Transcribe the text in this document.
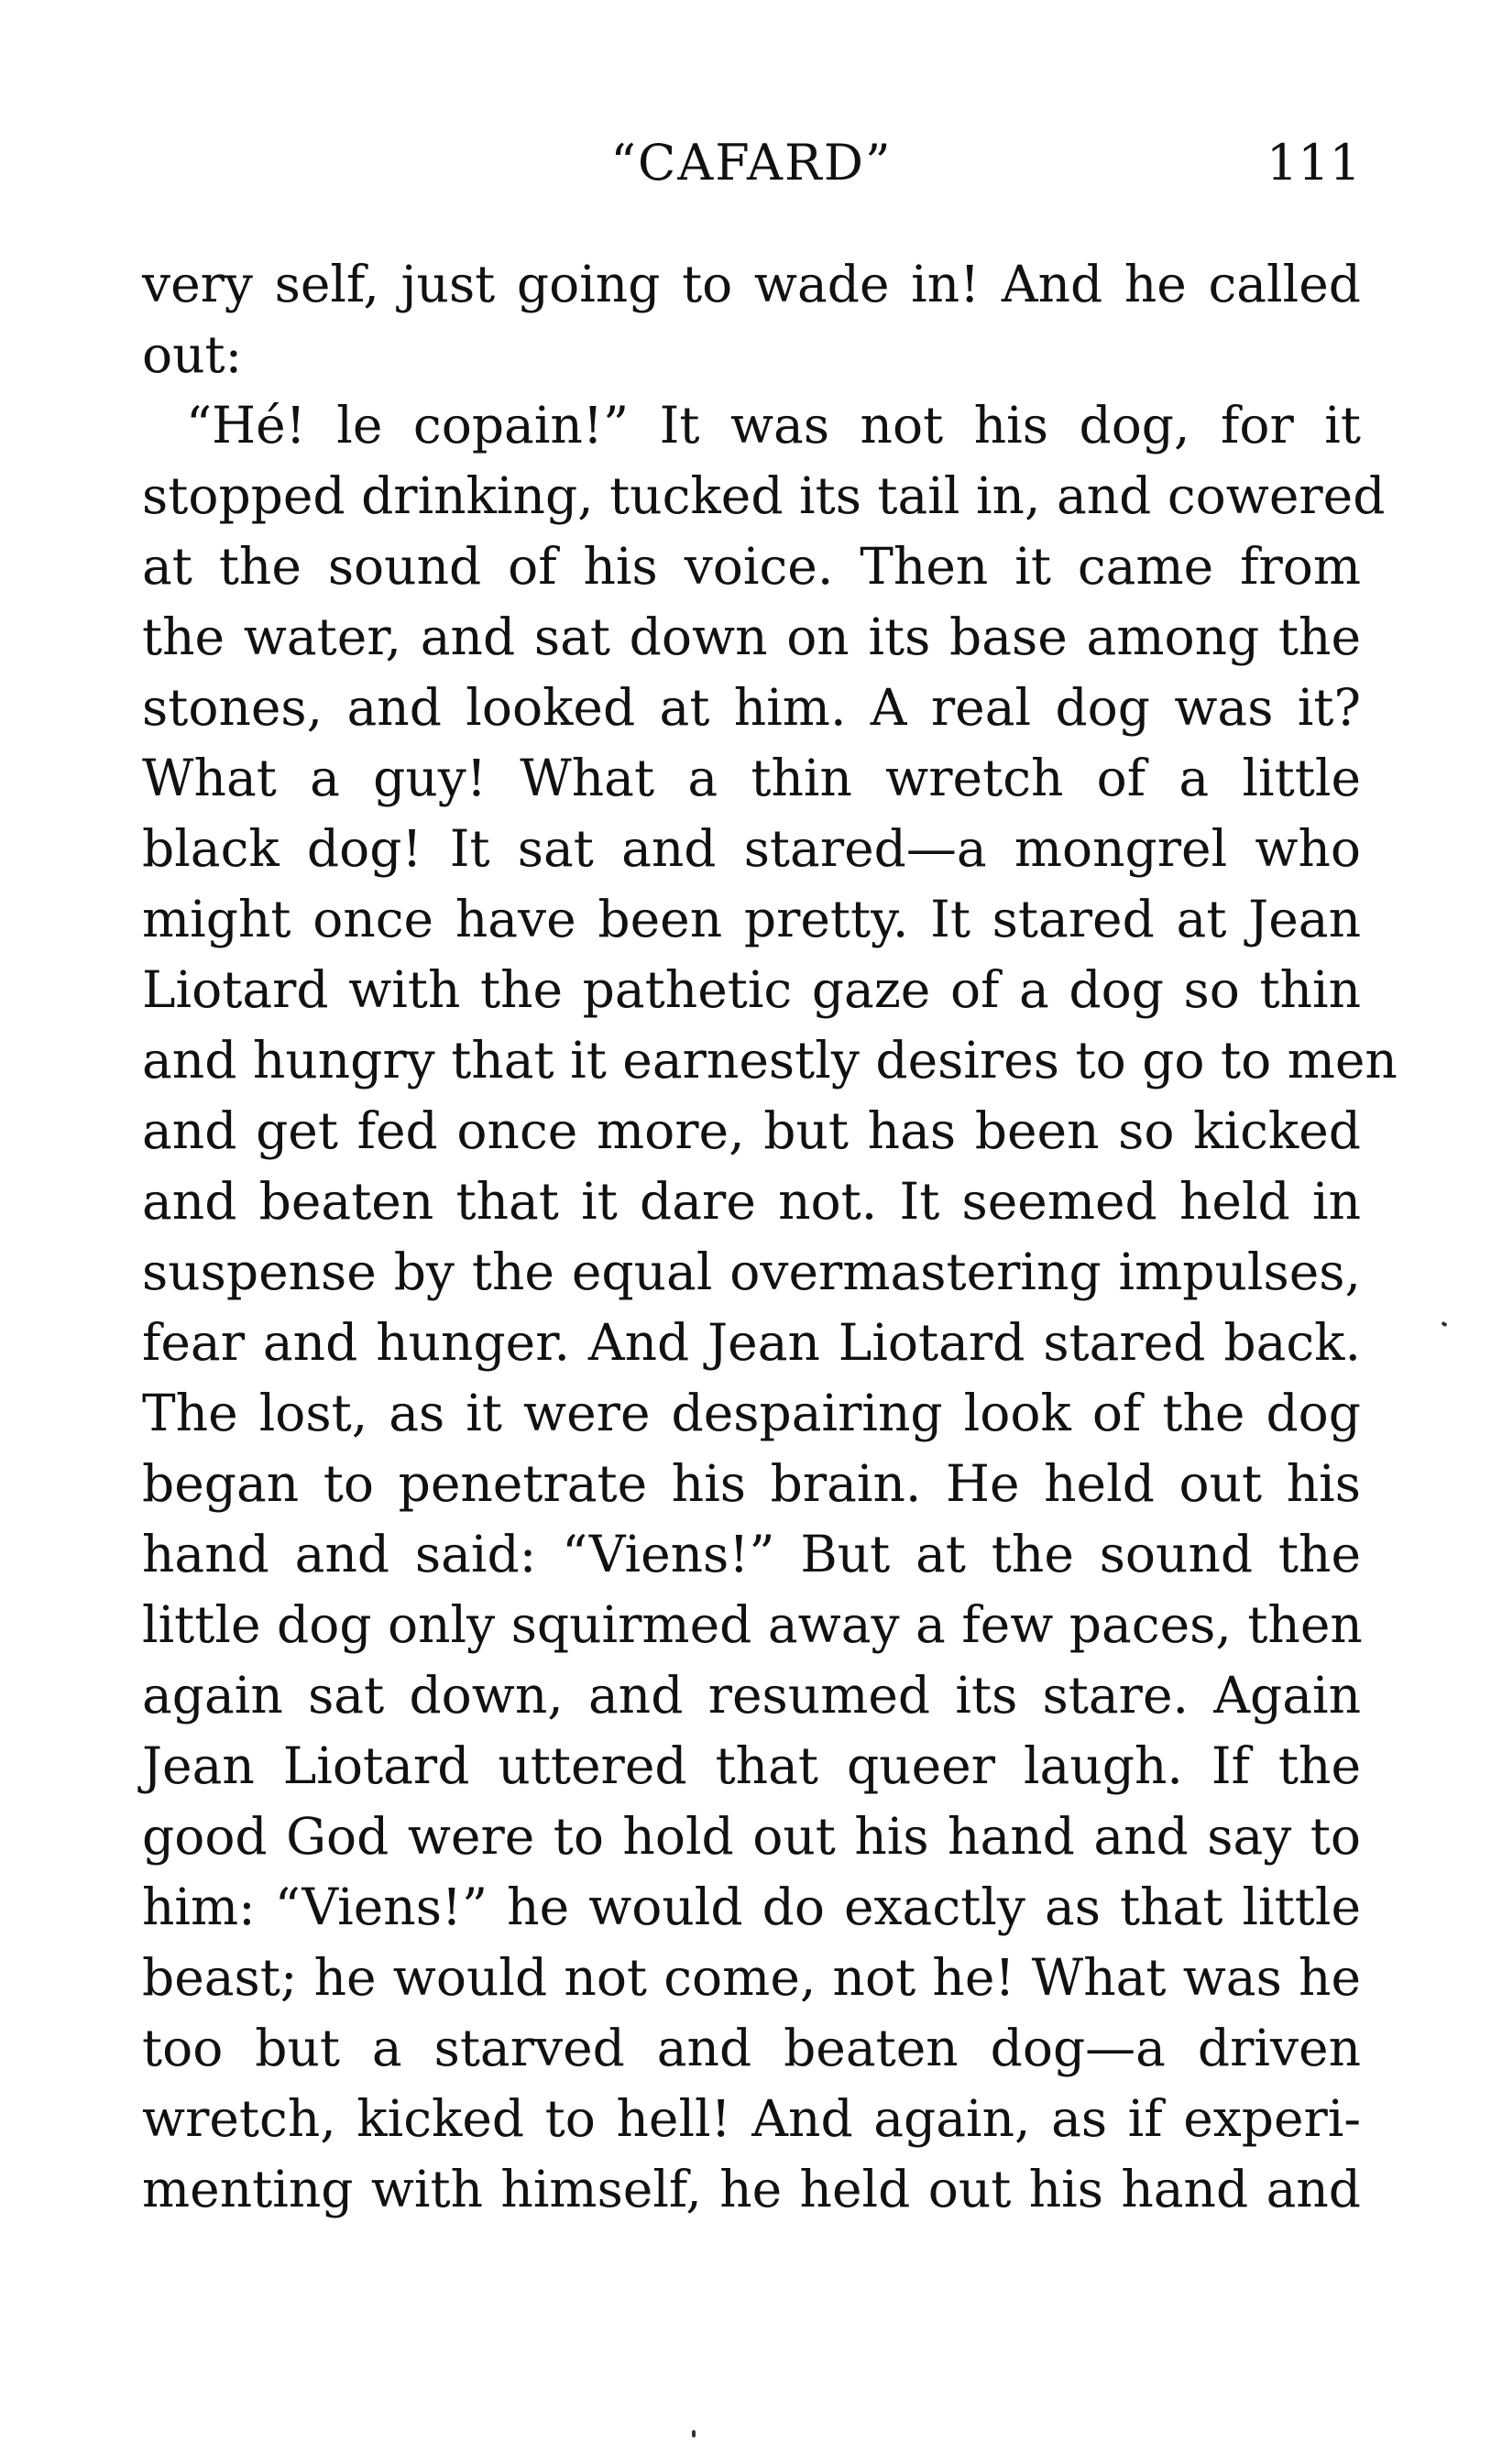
“CAFARD”	111
very self, just going to wade in! And he called
out:
“Hé! le copain!” It was not his dog, for it
stopped drinking, tucked its tail in, and cowered
at the sound of his voice. Then it came from
the water, and sat down on its base among the
stones, and looked at him. A real dog was it?
What a guy! What a thin wretch of a little
black dog! It sat and stared—a mongrel who
might once have been pretty. It stared at Jean
Liotard with the pathetic gaze of a dog so thin
and hungry that it earnestly desires to go to men
and get fed once more, but has been so kicked
and beaten that it dare not. It seemed held in
suspense by the equal overmastering impulses,
fear and hunger. And Jean Liotard stared back.
The lost, as it were despairing look of the dog
began to penetrate his brain. He held out his
hand and said: “Viens!” But at the sound the
little dog only squirmed away a few paces, then
again sat down, and resumed its stare. Again
Jean Liotard uttered that queer laugh. If the
good God were to hold out his hand and say to
him: “Viens!” he would do exactly as that little
beast; he would not come, not he! What was he
too but a starved and beaten dog—a driven
wretch, kicked to hell! And again, as if experi-
menting with himself, he held out his hand and
